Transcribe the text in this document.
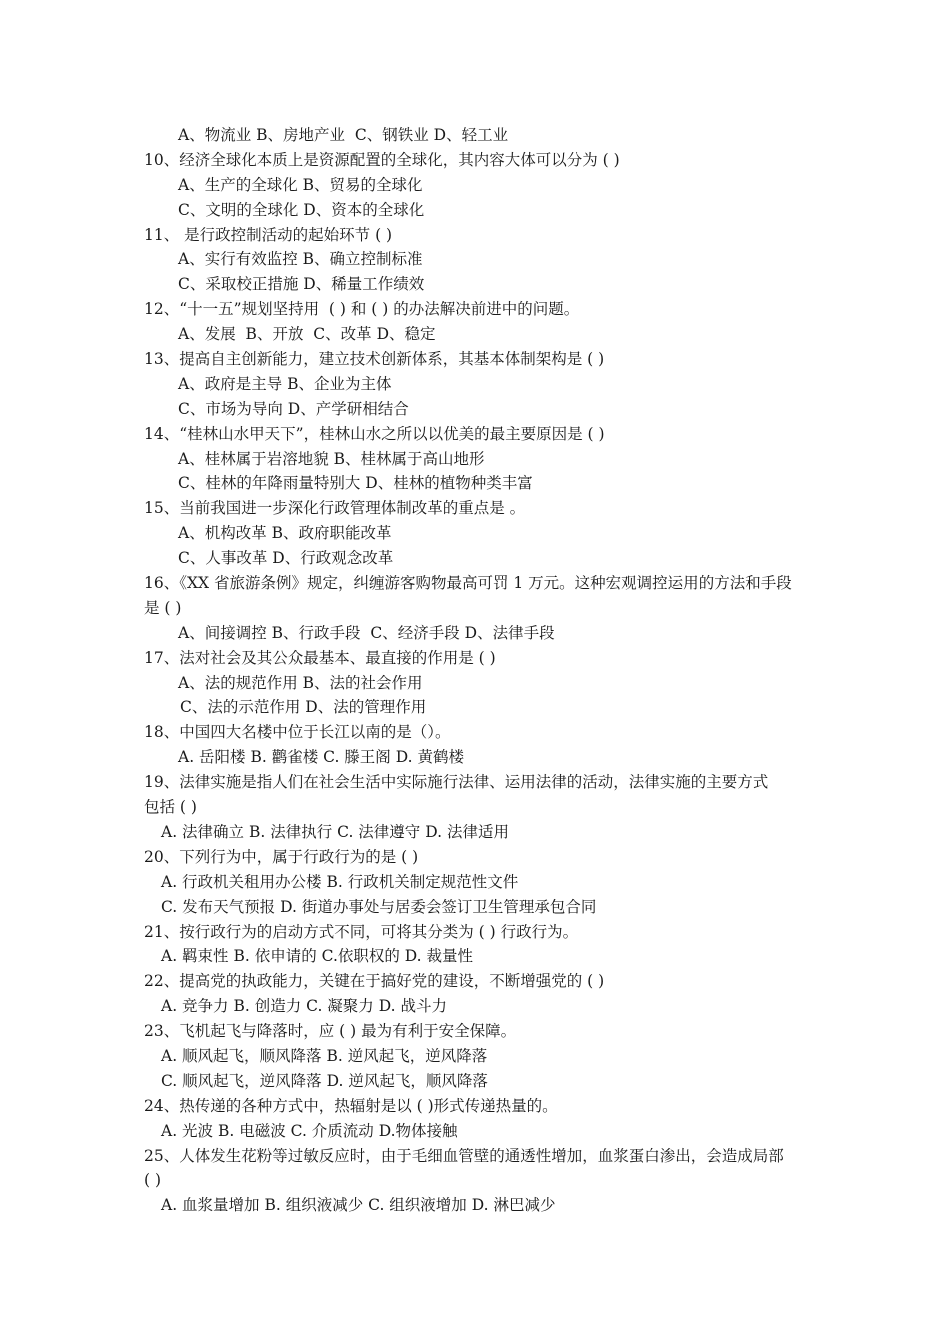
A、物流业 B、房地产业  C、钢铁业 D、轻工业

10、经济全球化本质上是资源配置的全球化，其内容大体可以分为 ( )

A、生产的全球化 B、贸易的全球化

C、文明的全球化 D、资本的全球化

11、 是行政控制活动的起始环节 ( )

A、实行有效监控 B、确立控制标准

C、采取校正措施 D、稀量工作绩效

12、“十一五”规划坚持用  ( ) 和 ( ) 的办法解决前进中的问题。

A、发展  B、开放  C、改革 D、稳定

13、提高自主创新能力，建立技术创新体系，其基本体制架构是 ( )

A、政府是主导 B、企业为主体

C、市场为导向 D、产学研相结合

14、“桂林山水甲天下”，桂林山水之所以以优美的最主要原因是 ( )

A、桂林属于岩溶地貌 B、桂林属于高山地形

C、桂林的年降雨量特别大 D、桂林的植物种类丰富

15、当前我国进一步深化行政管理体制改革的重点是 。

A、机构改革 B、政府职能改革

C、人事改革 D、行政观念改革

16、《XX 省旅游条例》规定，纠缠游客购物最高可罚 1 万元。这种宏观调控运用的方法和手段

是 ( )

A、间接调控 B、行政手段  C、经济手段 D、法律手段

17、法对社会及其公众最基本、最直接的作用是 ( )

A、法的规范作用 B、法的社会作用

C、法的示范作用 D、法的管理作用

18、中国四大名楼中位于长江以南的是（）。

A. 岳阳楼 B. 鹳雀楼 C. 滕王阁 D. 黄鹤楼

19、法律实施是指人们在社会生活中实际施行法律、运用法律的活动，法律实施的主要方式

包括 ( )

A. 法律确立 B. 法律执行 C. 法律遵守 D. 法律适用

20、下列行为中，属于行政行为的是 ( )

A. 行政机关租用办公楼 B. 行政机关制定规范性文件

C. 发布天气预报 D. 街道办事处与居委会签订卫生管理承包合同

21、按行政行为的启动方式不同，可将其分类为 ( ) 行政行为。

A. 羁束性 B. 依申请的 C.依职权的 D. 裁量性

22、提高党的执政能力，关键在于搞好党的建设，不断增强党的 ( )

A. 竞争力 B. 创造力 C. 凝聚力 D. 战斗力

23、飞机起飞与降落时，应 ( ) 最为有利于安全保障。

A. 顺风起飞，顺风降落 B. 逆风起飞，逆风降落

C. 顺风起飞，逆风降落 D. 逆风起飞，顺风降落

24、热传递的各种方式中，热辐射是以 ( )形式传递热量的。

A. 光波 B. 电磁波 C. 介质流动 D.物体接触

25、人体发生花粉等过敏反应时，由于毛细血管壁的通透性增加，血浆蛋白渗出，会造成局部

( )

A. 血浆量增加 B. 组织液减少 C. 组织液增加 D. 淋巴减少
